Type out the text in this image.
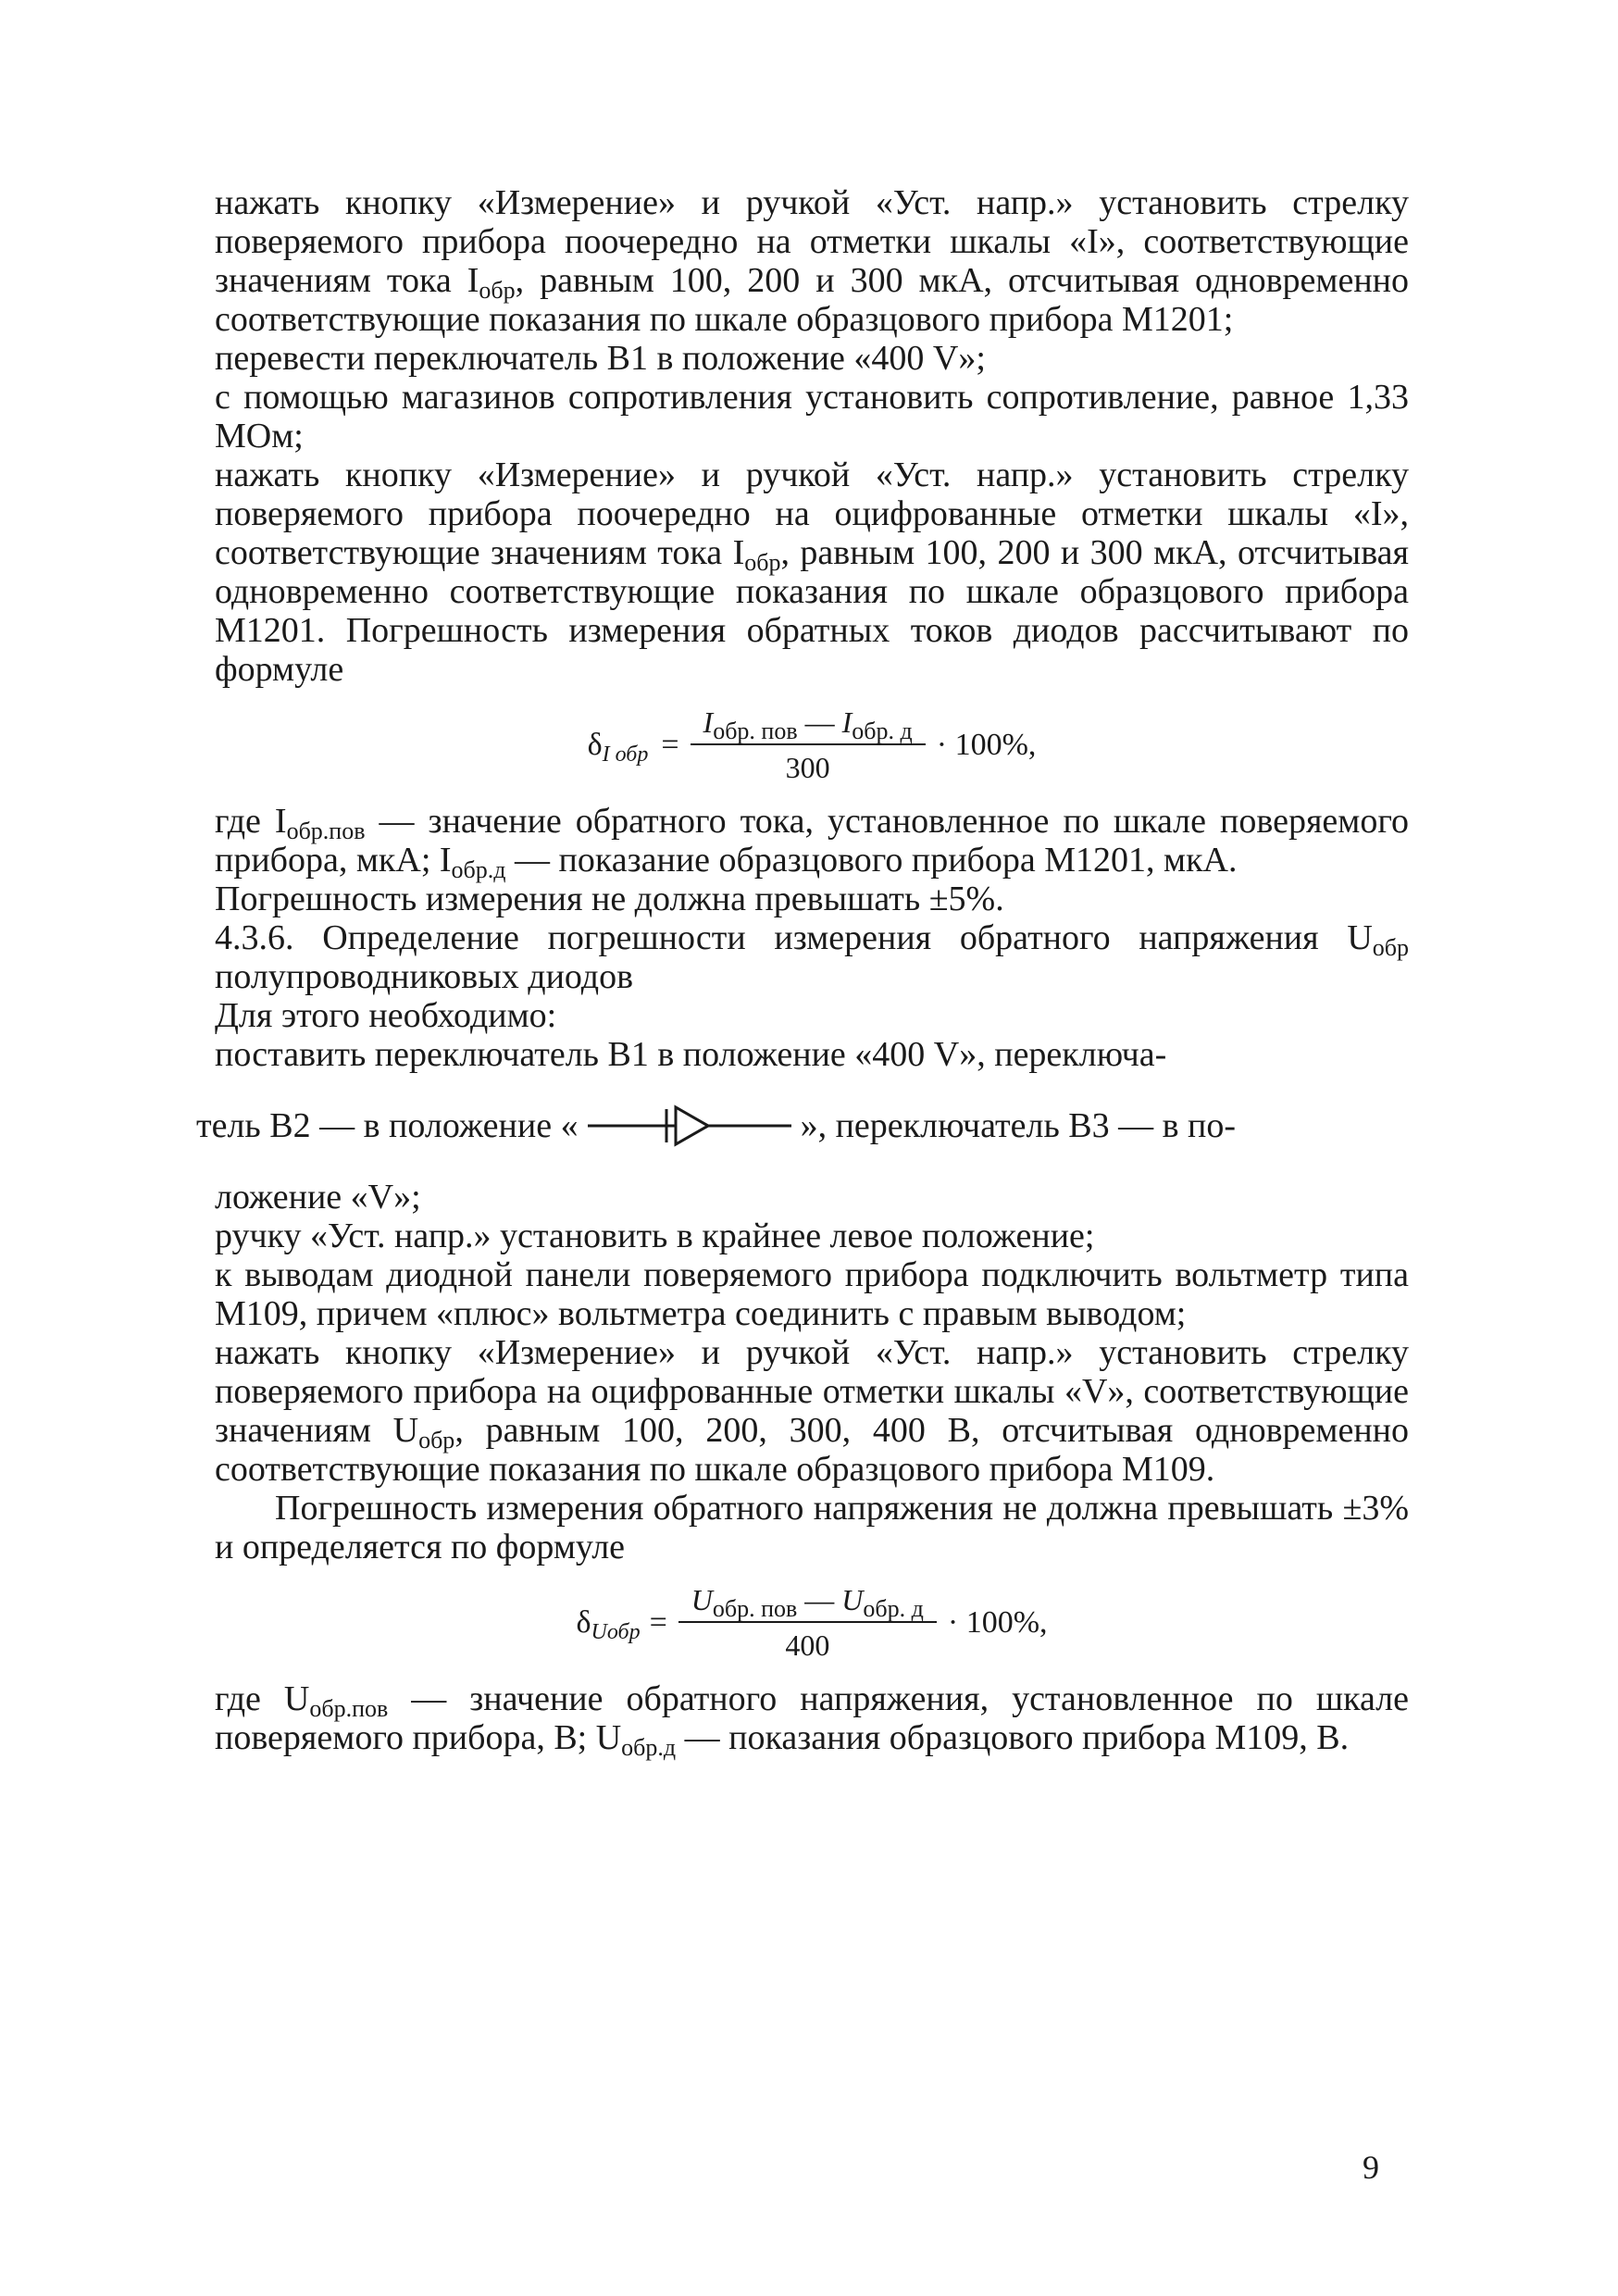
нажать кнопку «Измерение» и ручкой «Уст. напр.» установить стрелку поверяемого прибора поочередно на отметки шкалы «I», соответствующие значениям тока $I_{обр}$, равным 100, 200 и 300 мкА, отсчитывая одновременно соответствующие показания по шкале образцового прибора М1201;

перевести переключатель В1 в положение «400 V»;

с помощью магазинов сопротивления установить сопротивление, равное 1,33 МОм;

нажать кнопку «Измерение» и ручкой «Уст. напр.» установить стрелку поверяемого прибора поочередно на оцифрованные отметки шкалы «I», соответствующие значениям тока $I_{обр}$, равным 100, 200 и 300 мкА, отсчитывая одновременно соответствующие показания по шкале образцового прибора М1201. Погрешность измерения обратных токов диодов рассчитывают по формуле

$\delta_{I обр} = \frac{I_{обр. пов} — I_{обр. д}}{300} \cdot 100\%$,

где $I_{обр.пов}$ — значение обратного тока, установленное по шкале поверяемого прибора, мкА; $I_{обр.д}$ — показание образцового прибора М1201, мкА.

Погрешность измерения не должна превышать ±5%.

4.3.6. Определение погрешности измерения обратного напряжения $U_{обр}$ полупроводниковых диодов

Для этого необходимо:

поставить переключатель В1 в положение «400 V», переключа-

тель В2 — в положение «	», переключатель В3 — в по-

ложение «V»;

ручку «Уст. напр.» установить в крайнее левое положение;

к выводам диодной панели поверяемого прибора подключить вольтметр типа М109, причем «плюс» вольтметра соединить с правым выводом;

нажать кнопку «Измерение» и ручкой «Уст. напр.» установить стрелку поверяемого прибора на оцифрованные отметки шкалы «V», соответствующие значениям $U_{обр}$, равным 100, 200, 300, 400 В, отсчитывая одновременно соответствующие показания по шкале образцового прибора М109.

Погрешность измерения обратного напряжения не должна превышать ±3% и определяется по формуле

$\delta_{Uобр} = \frac{U_{обр. пов} — U_{обр. д}}{400} \cdot 100\%$,

где $U_{обр.пов}$ — значение обратного напряжения, установленное по шкале поверяемого прибора, В; $U_{обр.д}$ — показания образцового прибора М109, В.

9
